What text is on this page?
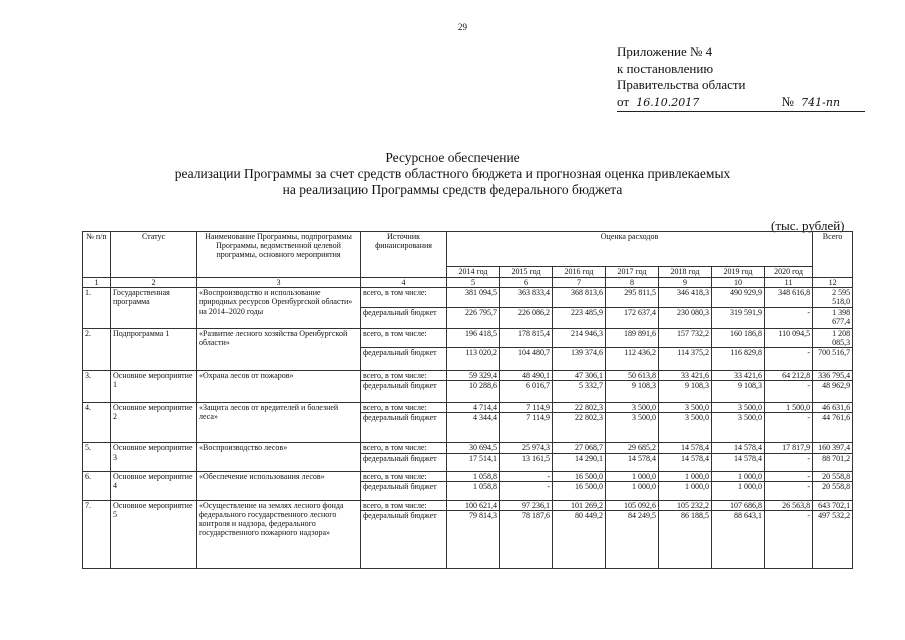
29
Приложение № 4
к постановлению
Правительства области
от 16.10.2017	№ 741-пп
Ресурсное обеспечение
реализации Программы за счет средств областного бюджета и прогнозная оценка привлекаемых
на реализацию Программы средств федерального бюджета
(тыс. рублей)
№ п/п	Статус	Наименование Программы, подпрограммы Программы, ведомственной целевой программы, основного мероприятия	Источник финансирования	Оценка расходов							Всего
				2014 год	2015 год	2016 год	2017 год	2018 год	2019 год	2020 год	
1	2	3	4	5	6	7	8	9	10	11	12
1.	Государственная программа	«Воспроизводство и использование природных ресурсов Оренбургской области» на 2014–2020 годы	всего, в том числе:	381 094,5	363 833,4	368 813,6	295 811,5	346 418,3	490 929,9	348 616,8	2 595 518,0
			федеральный бюджет	226 795,7	226 086,2	223 485,9	172 637,4	230 080,3	319 591,9	-	1 398 677,4
2.	Подпрограмма 1	«Развитие лесного хозяйства Оренбургской области»	всего, в том числе:	196 418,5	178 815,4	214 946,3	189 891,6	157 732,2	160 186,8	110 094,5	1 208 085,3
			федеральный бюджет	113 020,2	104 480,7	139 374,6	112 436,2	114 375,2	116 829,8	-	700 516,7
3.	Основное мероприятие 1	«Охрана лесов от пожаров»	всего, в том числе:	59 329,4	48 490,1	47 306,1	50 613,8	33 421,6	33 421,6	64 212,8	336 795,4
			федеральный бюджет	10 288,6	6 016,7	5 332,7	9 108,3	9 108,3	9 108,3	-	48 962,9
4.	Основное мероприятие 2	«Защита лесов от вредителей и болезней леса»	всего, в том числе:	4 714,4	7 114,9	22 802,3	3 500,0	3 500,0	3 500,0	1 500,0	46 631,6
			федеральный бюджет	4 344,4	7 114,9	22 802,3	3 500,0	3 500,0	3 500,0	-	44 761,6
5.	Основное мероприятие 3	«Воспроизводство лесов»	всего, в том числе:	30 694,5	25 974,3	27 068,7	29 685,2	14 578,4	14 578,4	17 817,9	160 397,4
			федеральный бюджет	17 514,1	13 161,5	14 290,1	14 578,4	14 578,4	14 578,4	-	88 701,2
6.	Основное мероприятие 4	«Обеспечение использования лесов»	всего, в том числе:	1 058,8	-	16 500,0	1 000,0	1 000,0	1 000,0	-	20 558,8
			федеральный бюджет	1 058,8	-	16 500,0	1 000,0	1 000,0	1 000,0	-	20 558,8
7.	Основное мероприятие 5	«Осуществление на землях лесного фонда федерального государственного лесного контроля и надзора, федерального государственного пожарного надзора»	всего, в том числе:	100 621,4	97 236,1	101 269,2	105 092,6	105 232,2	107 686,8	26 563,8	643 702,1
			федеральный бюджет	79 814,3	78 187,6	80 449,2	84 249,5	86 188,5	88 643,1	-	497 532,2
